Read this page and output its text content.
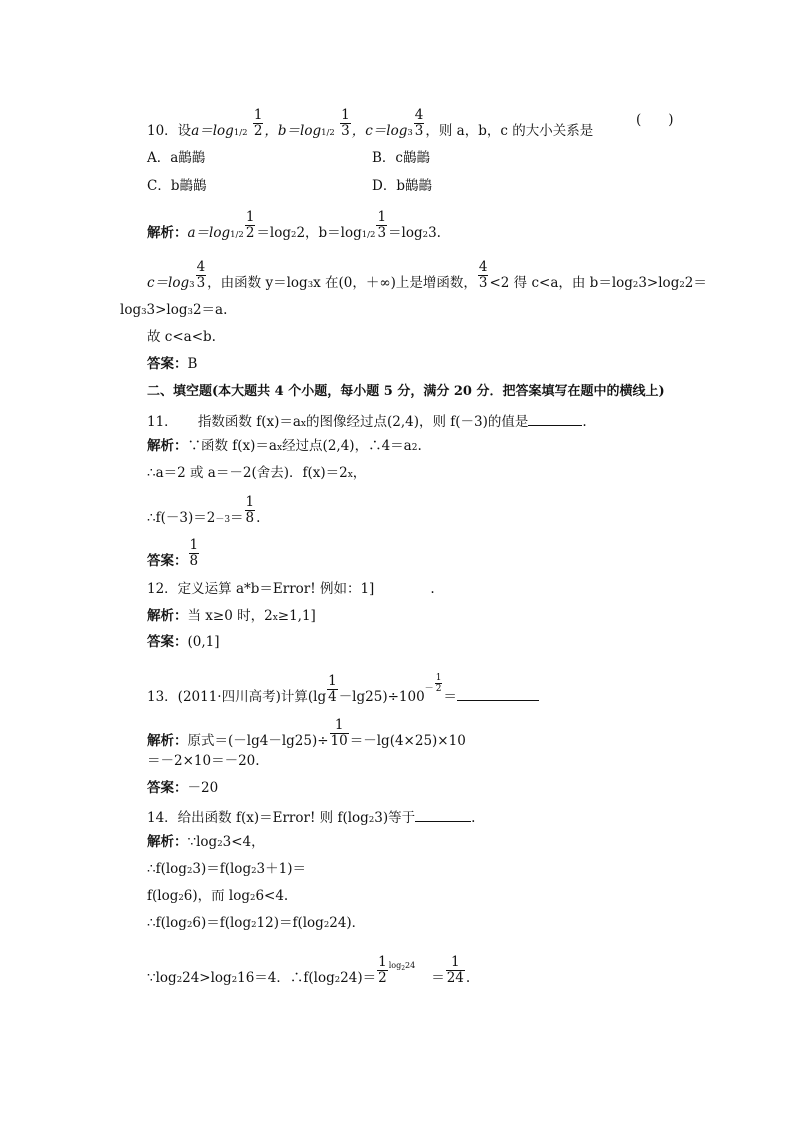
10．设$a=\log 1/2 \frac{1}{2}$ ，$b=\log 1/2 \frac{1}{3}$ ，$c=\log 3 \frac{4}{3}$ ，则 a，b，c 的大小关系是
(　　)
A．a鶓鶓	B．c鶓鶓
C．b鶓鶓	D．b鶓鶓
解析：$a=\log 1/2 \frac{1}{2} =\log 22$，$b=\log 1/2 \frac{1}{3} =\log 23$.
$c=\log 3 \frac{4}{3}$ ，由函数 y＝log3x 在(0，＋∞)上是增函数， $\frac{4}{3} <2$ 得 c<a，由 b＝log23>log22＝
log33>log32＝a.
故 c<a<b.
答案：B
二、填空题(本大题共 4 个小题，每小题 5 分，满分 20 分．把答案填写在题中的横线上)
11．　　指数函数 f(x)＝ax的图像经过点(2,4)，则 f(－3)的值是	.
解析：∵函数 f(x)＝ax经过点(2,4)，∴4＝a2.
∴a＝2 或 a＝－2(舍去)．f(x)＝2x，
∴f(－3)＝2－3＝ $\frac{1}{8}$ .
答案： $\frac{1}{8}$
12．定义运算 a*b＝Error! 例如：1]	.
解析：当 x≥0 时，2x≥1,1]
答案：(0,1]
13．(2011·四川高考)计算$(\lg \frac{1}{4} -\lg 25)\div 100- \frac{1}{2}$
＝
解析：原式$=(-\lg 4-\lg 25)\div \frac{1}{10} =-\lg(4\times 25)\times 10$
＝－2×10＝－20.
答案：－20
14．给出函数 f(x)＝Error! 则 f(log23)等于	.
解析：∵log23<4，
∴f(log23)＝f(log23＋1)＝
f(log26)，而 log26<4.
∴f(log26)＝f(log212)＝f(log224)．
∵log224>log216＝4．∴f(log224)＝ $\frac{1}{2} \log 224= \frac{1}{24}$ .
